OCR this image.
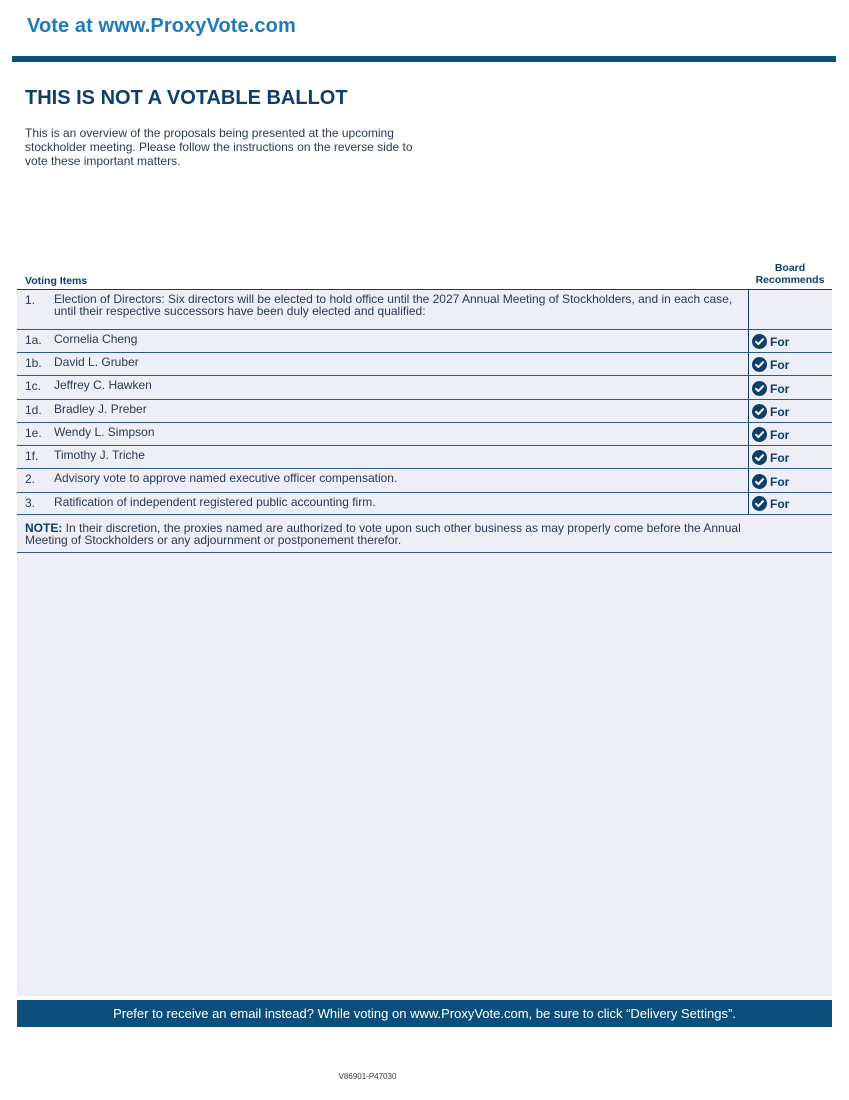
Vote at www.ProxyVote.com
THIS IS NOT A VOTABLE BALLOT
This is an overview of the proposals being presented at the upcoming stockholder meeting. Please follow the instructions on the reverse side to vote these important matters.
Voting Items
Board
Recommends
1. Election of Directors: Six directors will be elected to hold office until the 2027 Annual Meeting of Stockholders, and in each case, until their respective successors have been duly elected and qualified:
1a. Cornelia Cheng	For
1b. David L. Gruber	For
1c. Jeffrey C. Hawken	For
1d. Bradley J. Preber	For
1e. Wendy L. Simpson	For
1f. Timothy J. Triche	For
2. Advisory vote to approve named executive officer compensation.	For
3. Ratification of independent registered public accounting firm.	For
NOTE: In their discretion, the proxies named are authorized to vote upon such other business as may properly come before the Annual Meeting of Stockholders or any adjournment or postponement therefor.
Prefer to receive an email instead? While voting on www.ProxyVote.com, be sure to click “Delivery Settings”.
V86901-P47030
